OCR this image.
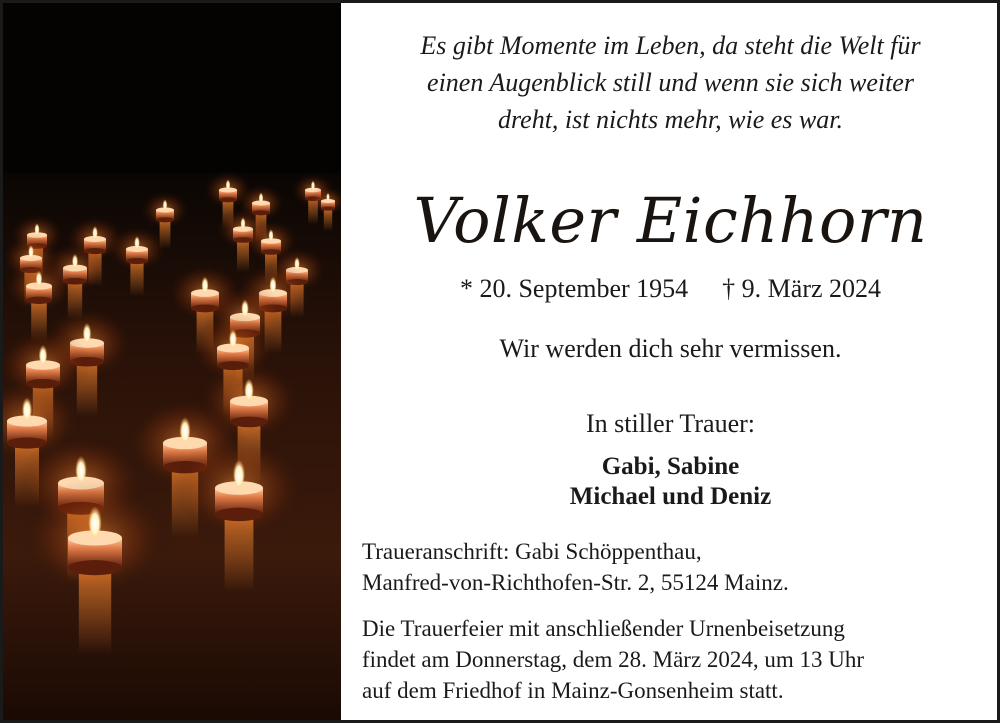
Es gibt Momente im Leben, da steht die Welt für
einen Augenblick still und wenn sie sich weiter
dreht, ist nichts mehr, wie es war.
Volker Eichhorn
* 20. September 1954 † 9. März 2024
Wir werden dich sehr vermissen.
In stiller Trauer:
Gabi, Sabine
Michael und Deniz
Traueranschrift: Gabi Schöppenthau,
Manfred-von-Richthofen-Str. 2, 55124 Mainz.
Die Trauerfeier mit anschließender Urnenbeisetzung
findet am Donnerstag, dem 28. März 2024, um 13 Uhr
auf dem Friedhof in Mainz-Gonsenheim statt.
